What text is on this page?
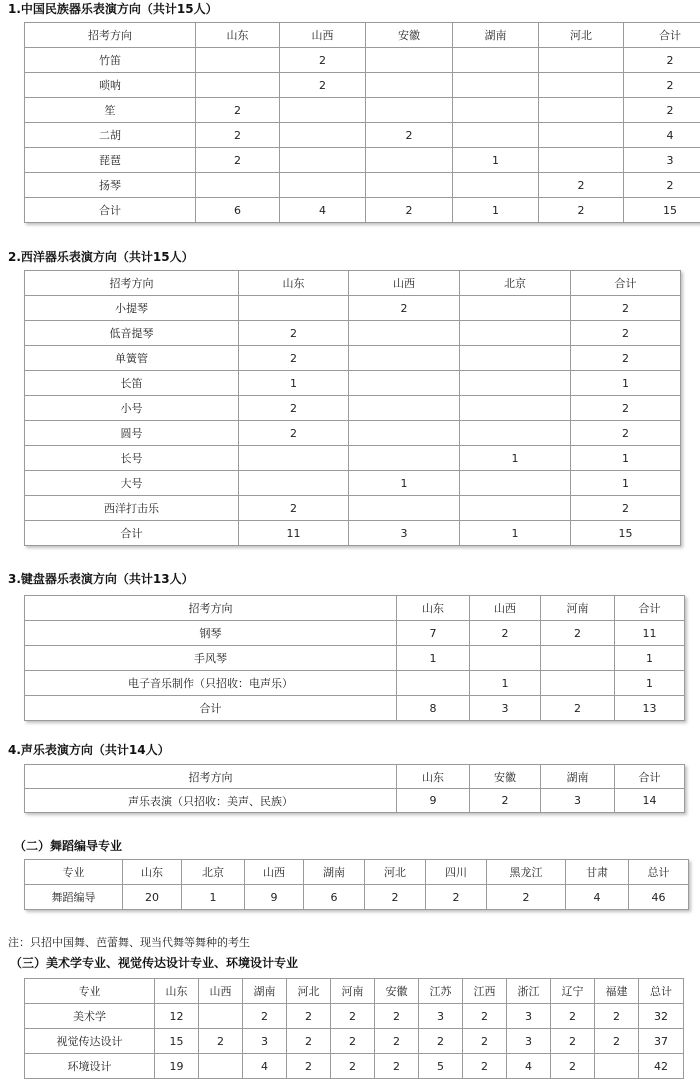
1.中国民族器乐表演方向（共计15人）
招考方向	山东	山西	安徽	湖南	河北	合计
竹笛		2				2
唢呐		2				2
笙	2					2
二胡	2		2			4
琵琶	2			1		3
扬琴					2	2
合计	6	4	2	1	2	15
2.西洋器乐表演方向（共计15人）
招考方向	山东	山西	北京	合计
小提琴		2		2
低音提琴	2			2
单簧管	2			2
长笛	1			1
小号	2			2
圆号	2			2
长号			1	1
大号		1		1
西洋打击乐	2			2
合计	11	3	1	15
3.键盘器乐表演方向（共计13人）
招考方向	山东	山西	河南	合计
钢琴	7	2	2	11
手风琴	1			1
电子音乐制作（只招收：电声乐）		1		1
合计	8	3	2	13
4.声乐表演方向（共计14人）
招考方向	山东	安徽	湖南	合计
声乐表演（只招收：美声、民族）	9	2	3	14
（二）舞蹈编导专业
专业	山东	北京	山西	湖南	河北	四川	黑龙江	甘肃	总计
舞蹈编导	20	1	9	6	2	2	2	4	46
注：只招中国舞、芭蕾舞、现当代舞等舞种的考生
（三）美术学专业、视觉传达设计专业、环境设计专业
专业	山东	山西	湖南	河北	河南	安徽	江苏	江西	浙江	辽宁	福建	总计
美术学	12		2	2	2	2	3	2	3	2	2	32
视觉传达设计	15	2	3	2	2	2	2	2	3	2	2	37
环境设计	19		4	2	2	2	5	2	4	2		42
